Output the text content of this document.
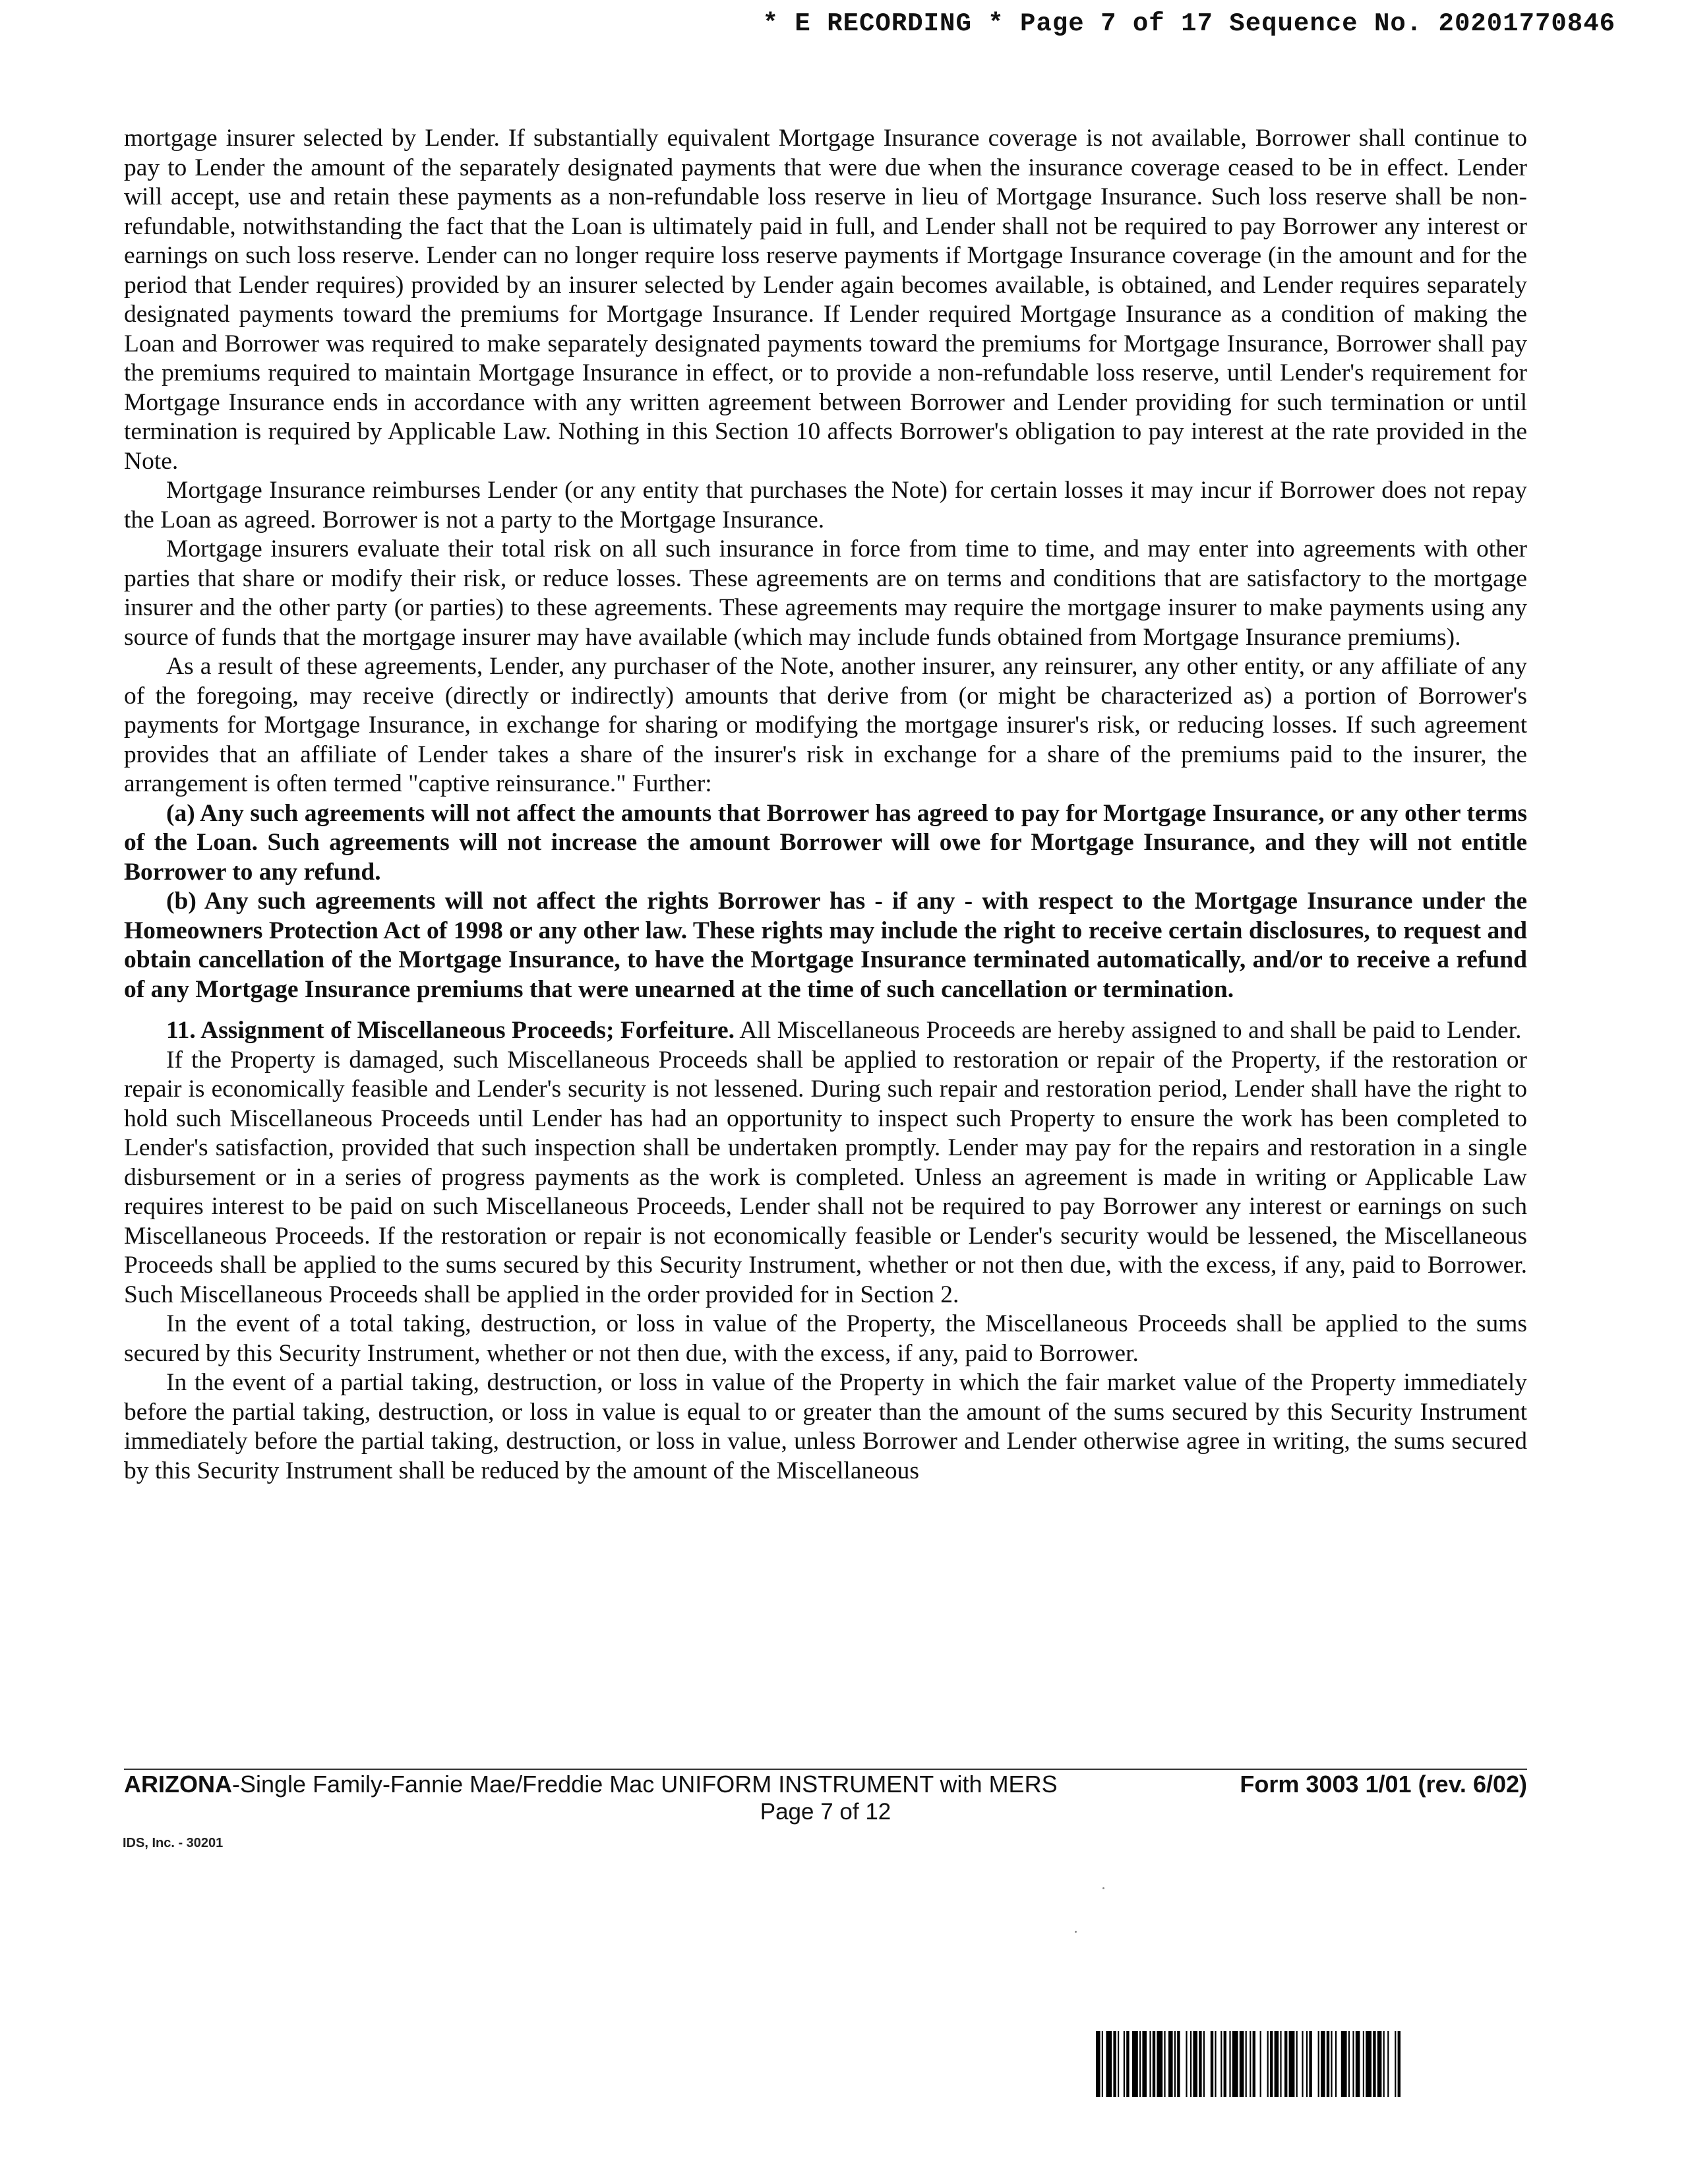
* E RECORDING * Page 7 of 17 Sequence No. 20201770846

mortgage insurer selected by Lender. If substantially equivalent Mortgage Insurance coverage is not available, Borrower shall continue to pay to Lender the amount of the separately designated payments that were due when the insurance coverage ceased to be in effect. Lender will accept, use and retain these payments as a non-refundable loss reserve in lieu of Mortgage Insurance. Such loss reserve shall be non-refundable, notwithstanding the fact that the Loan is ultimately paid in full, and Lender shall not be required to pay Borrower any interest or earnings on such loss reserve. Lender can no longer require loss reserve payments if Mortgage Insurance coverage (in the amount and for the period that Lender requires) provided by an insurer selected by Lender again becomes available, is obtained, and Lender requires separately designated payments toward the premiums for Mortgage Insurance. If Lender required Mortgage Insurance as a condition of making the Loan and Borrower was required to make separately designated payments toward the premiums for Mortgage Insurance, Borrower shall pay the premiums required to maintain Mortgage Insurance in effect, or to provide a non-refundable loss reserve, until Lender's requirement for Mortgage Insurance ends in accordance with any written agreement between Borrower and Lender providing for such termination or until termination is required by Applicable Law. Nothing in this Section 10 affects Borrower's obligation to pay interest at the rate provided in the Note.

Mortgage Insurance reimburses Lender (or any entity that purchases the Note) for certain losses it may incur if Borrower does not repay the Loan as agreed. Borrower is not a party to the Mortgage Insurance.

Mortgage insurers evaluate their total risk on all such insurance in force from time to time, and may enter into agreements with other parties that share or modify their risk, or reduce losses. These agreements are on terms and conditions that are satisfactory to the mortgage insurer and the other party (or parties) to these agreements. These agreements may require the mortgage insurer to make payments using any source of funds that the mortgage insurer may have available (which may include funds obtained from Mortgage Insurance premiums).

As a result of these agreements, Lender, any purchaser of the Note, another insurer, any reinsurer, any other entity, or any affiliate of any of the foregoing, may receive (directly or indirectly) amounts that derive from (or might be characterized as) a portion of Borrower's payments for Mortgage Insurance, in exchange for sharing or modifying the mortgage insurer's risk, or reducing losses. If such agreement provides that an affiliate of Lender takes a share of the insurer's risk in exchange for a share of the premiums paid to the insurer, the arrangement is often termed "captive reinsurance." Further:

(a) Any such agreements will not affect the amounts that Borrower has agreed to pay for Mortgage Insurance, or any other terms of the Loan. Such agreements will not increase the amount Borrower will owe for Mortgage Insurance, and they will not entitle Borrower to any refund.

(b) Any such agreements will not affect the rights Borrower has - if any - with respect to the Mortgage Insurance under the Homeowners Protection Act of 1998 or any other law. These rights may include the right to receive certain disclosures, to request and obtain cancellation of the Mortgage Insurance, to have the Mortgage Insurance terminated automatically, and/or to receive a refund of any Mortgage Insurance premiums that were unearned at the time of such cancellation or termination.

11. Assignment of Miscellaneous Proceeds; Forfeiture. All Miscellaneous Proceeds are hereby assigned to and shall be paid to Lender.

If the Property is damaged, such Miscellaneous Proceeds shall be applied to restoration or repair of the Property, if the restoration or repair is economically feasible and Lender's security is not lessened. During such repair and restoration period, Lender shall have the right to hold such Miscellaneous Proceeds until Lender has had an opportunity to inspect such Property to ensure the work has been completed to Lender's satisfaction, provided that such inspection shall be undertaken promptly. Lender may pay for the repairs and restoration in a single disbursement or in a series of progress payments as the work is completed. Unless an agreement is made in writing or Applicable Law requires interest to be paid on such Miscellaneous Proceeds, Lender shall not be required to pay Borrower any interest or earnings on such Miscellaneous Proceeds. If the restoration or repair is not economically feasible or Lender's security would be lessened, the Miscellaneous Proceeds shall be applied to the sums secured by this Security Instrument, whether or not then due, with the excess, if any, paid to Borrower. Such Miscellaneous Proceeds shall be applied in the order provided for in Section 2.

In the event of a total taking, destruction, or loss in value of the Property, the Miscellaneous Proceeds shall be applied to the sums secured by this Security Instrument, whether or not then due, with the excess, if any, paid to Borrower.

In the event of a partial taking, destruction, or loss in value of the Property in which the fair market value of the Property immediately before the partial taking, destruction, or loss in value is equal to or greater than the amount of the sums secured by this Security Instrument immediately before the partial taking, destruction, or loss in value, unless Borrower and Lender otherwise agree in writing, the sums secured by this Security Instrument shall be reduced by the amount of the Miscellaneous

ARIZONA-Single Family-Fannie Mae/Freddie Mac UNIFORM INSTRUMENT with MERS	Form 3003 1/01 (rev. 6/02)
Page 7 of 12
IDS, Inc. - 30201
